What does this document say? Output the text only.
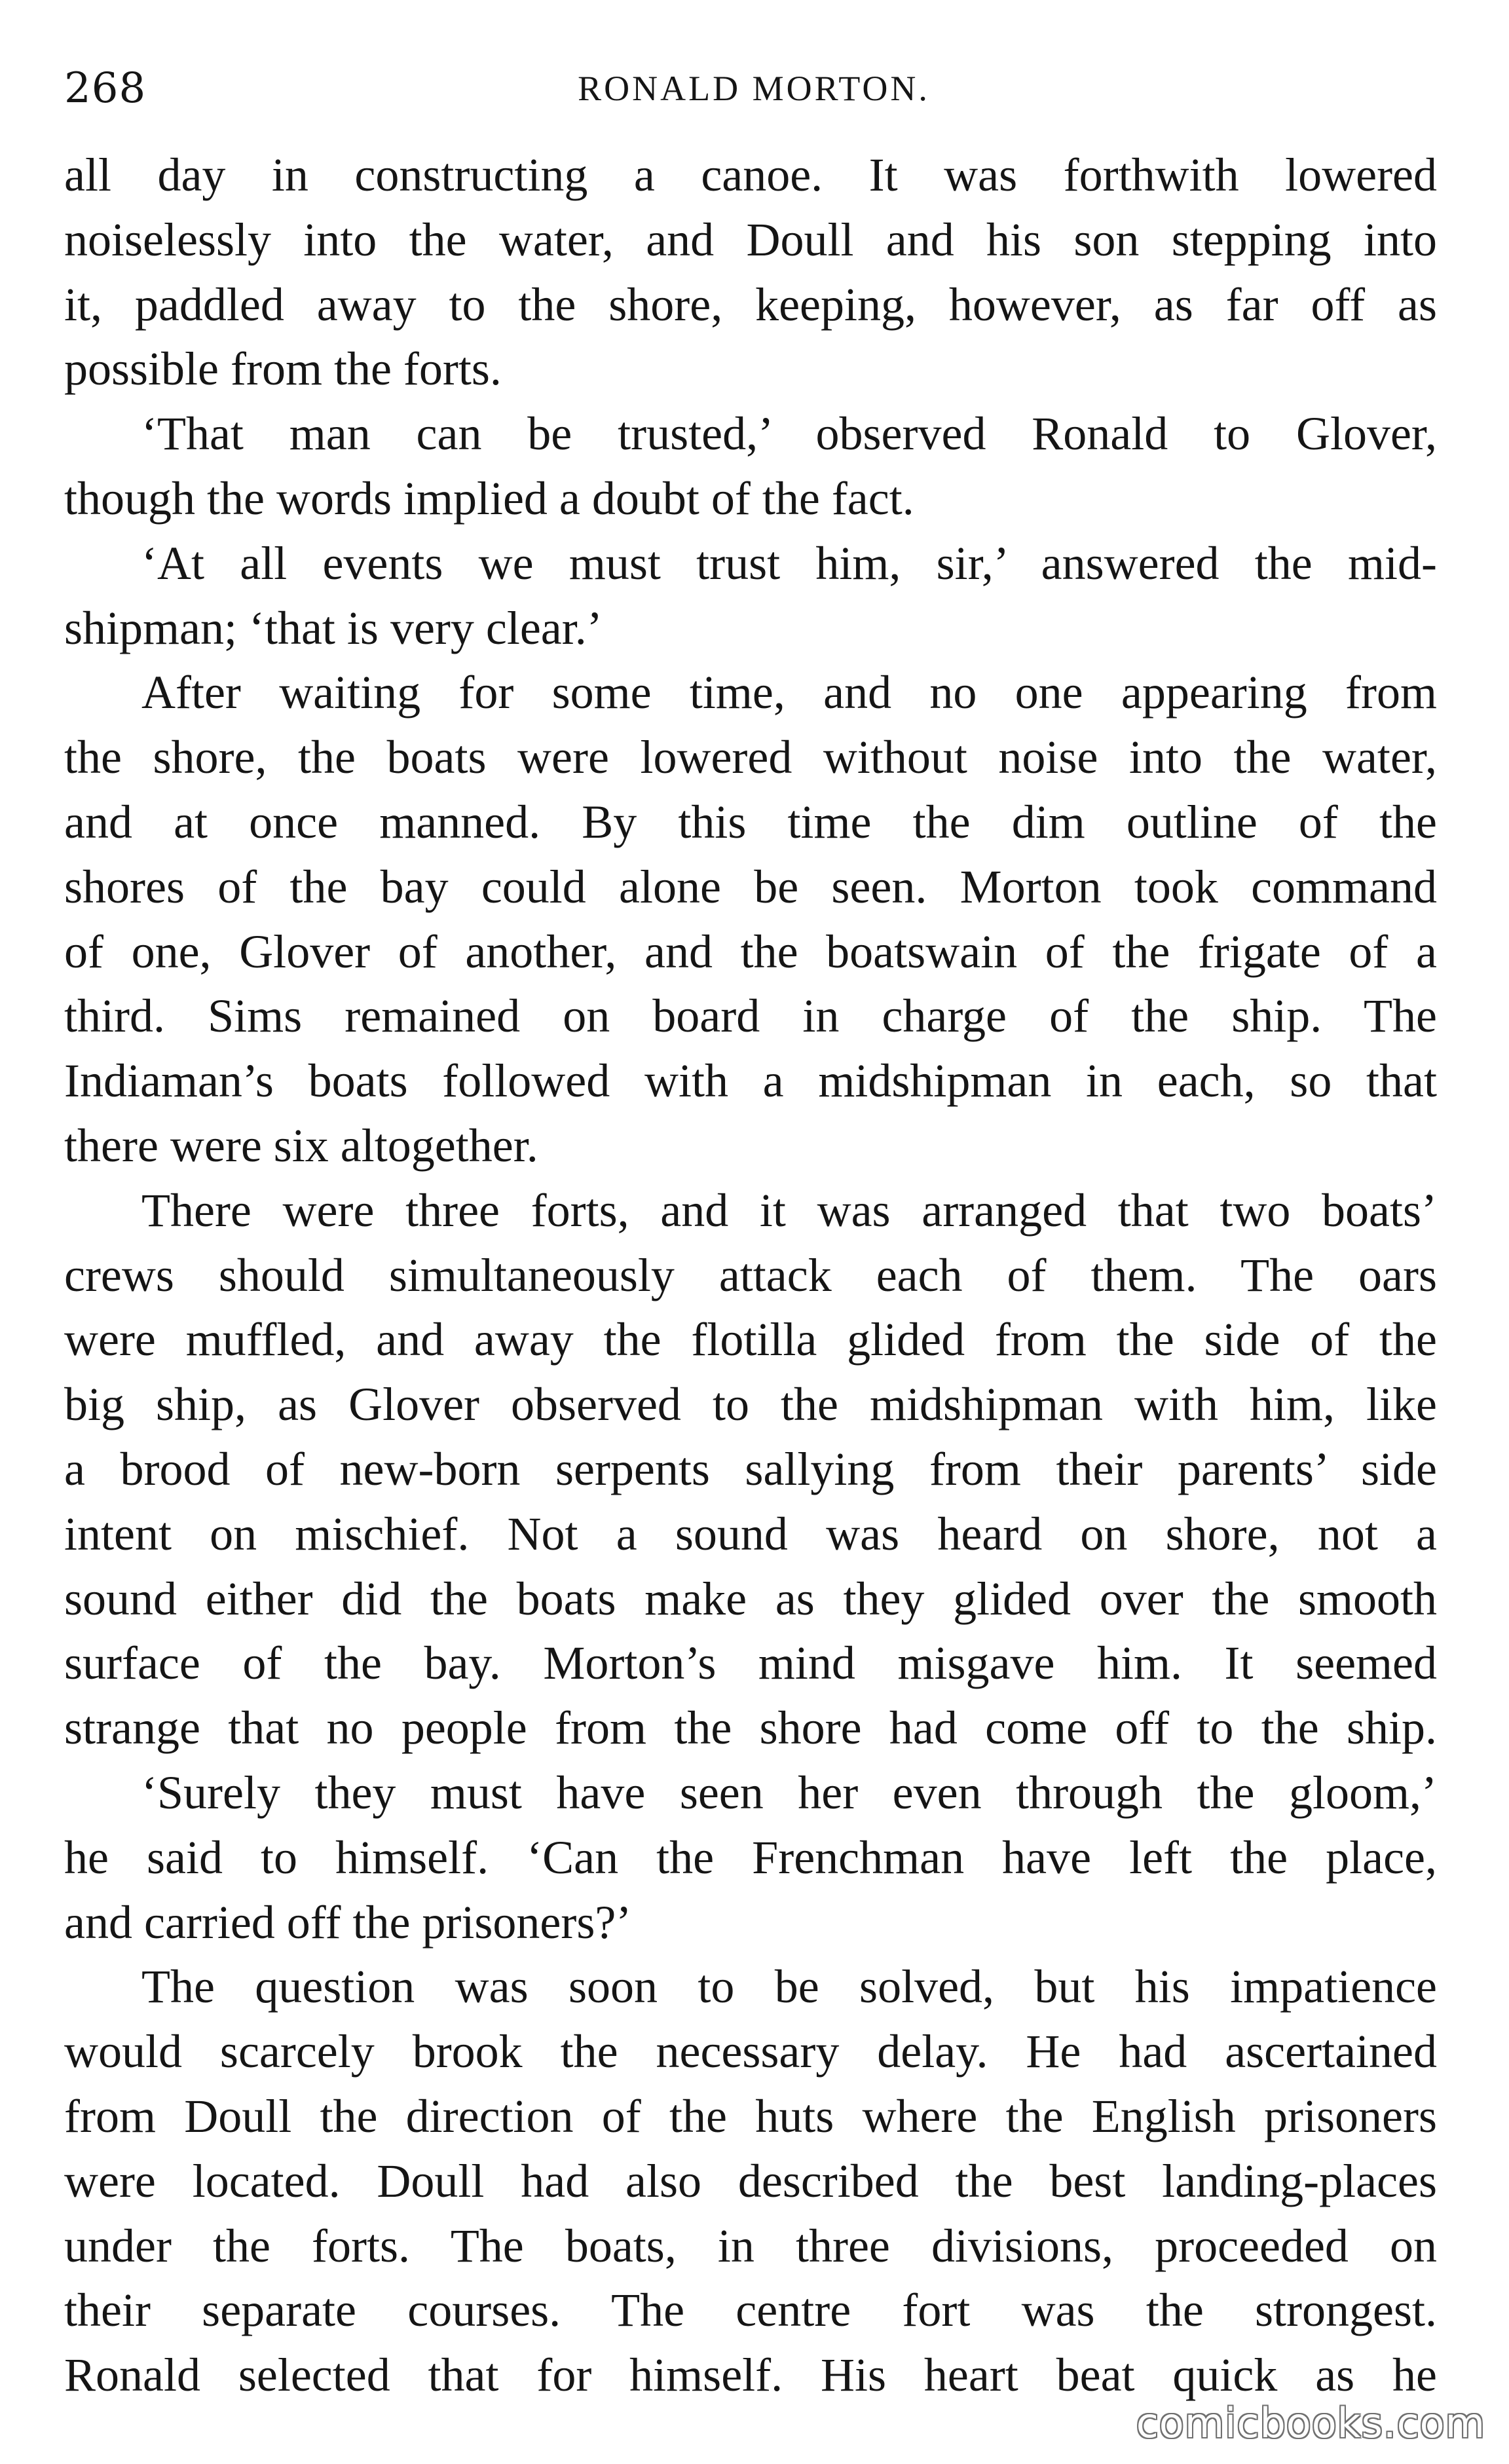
268	RONALD MORTON.
all day in constructing a canoe. It was forthwith lowered
noiselessly into the water, and Doull and his son stepping into
it, paddled away to the shore, keeping, however, as far off as
possible from the forts.
‘That man can be trusted,’ observed Ronald to Glover,
though the words implied a doubt of the fact.
‘At all events we must trust him, sir,’ answered the mid-
shipman; ‘that is very clear.’
After waiting for some time, and no one appearing from
the shore, the boats were lowered without noise into the water,
and at once manned. By this time the dim outline of the
shores of the bay could alone be seen. Morton took command
of one, Glover of another, and the boatswain of the frigate of a
third. Sims remained on board in charge of the ship. The
Indiaman’s boats followed with a midshipman in each, so that
there were six altogether.
There were three forts, and it was arranged that two boats’
crews should simultaneously attack each of them. The oars
were muffled, and away the flotilla glided from the side of the
big ship, as Glover observed to the midshipman with him, like
a brood of new-born serpents sallying from their parents’ side
intent on mischief. Not a sound was heard on shore, not a
sound either did the boats make as they glided over the smooth
surface of the bay. Morton’s mind misgave him. It seemed
strange that no people from the shore had come off to the ship.
‘Surely they must have seen her even through the gloom,’
he said to himself. ‘Can the Frenchman have left the place,
and carried off the prisoners?’
The question was soon to be solved, but his impatience
would scarcely brook the necessary delay. He had ascertained
from Doull the direction of the huts where the English prisoners
were located. Doull had also described the best landing-places
under the forts. The boats, in three divisions, proceeded on
their separate courses. The centre fort was the strongest.
Ronald selected that for himself. His heart beat quick as he
comicbooks.com
